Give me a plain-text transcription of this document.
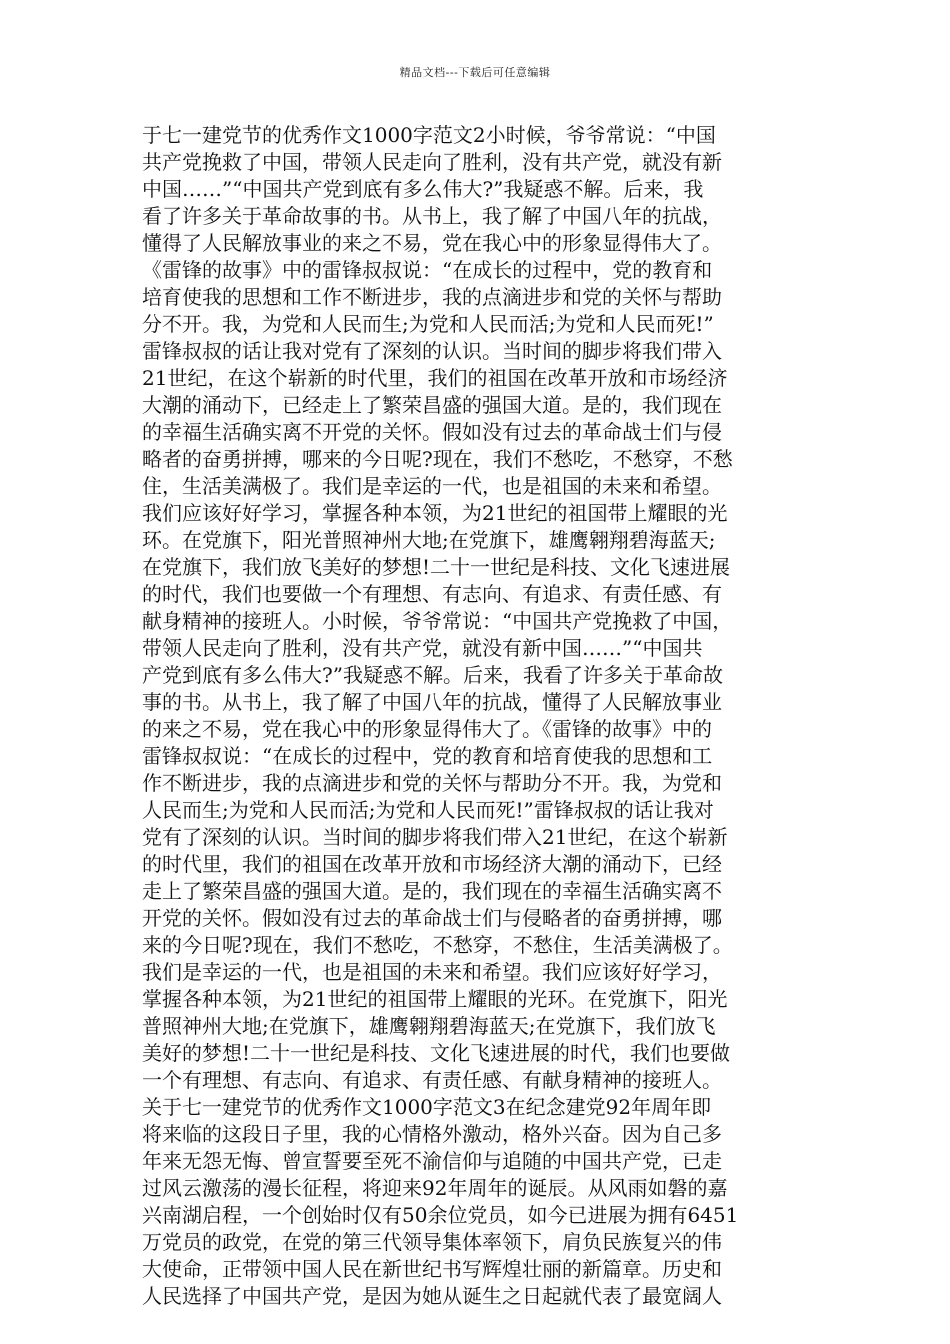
精品文档---下载后可任意编辑
于七一建党节的优秀作文1000字范文2小时候，爷爷常说：“中国
共产党挽救了中国，带领人民走向了胜利，没有共产党，就没有新
中国……”“中国共产党到底有多么伟大?”我疑惑不解。后来，我
看了许多关于革命故事的书。从书上，我了解了中国八年的抗战，
懂得了人民解放事业的来之不易，党在我心中的形象显得伟大了。
《雷锋的故事》中的雷锋叔叔说：“在成长的过程中，党的教育和
培育使我的思想和工作不断进步，我的点滴进步和党的关怀与帮助
分不开。我，为党和人民而生;为党和人民而活;为党和人民而死!”
雷锋叔叔的话让我对党有了深刻的认识。当时间的脚步将我们带入
21世纪，在这个崭新的时代里，我们的祖国在改革开放和市场经济
大潮的涌动下，已经走上了繁荣昌盛的强国大道。是的，我们现在
的幸福生活确实离不开党的关怀。假如没有过去的革命战士们与侵
略者的奋勇拼搏，哪来的今日呢?现在，我们不愁吃，不愁穿，不愁
住，生活美满极了。我们是幸运的一代，也是祖国的未来和希望。
我们应该好好学习，掌握各种本领，为21世纪的祖国带上耀眼的光
环。在党旗下，阳光普照神州大地;在党旗下，雄鹰翱翔碧海蓝天;
在党旗下，我们放飞美好的梦想!二十一世纪是科技、文化飞速进展
的时代，我们也要做一个有理想、有志向、有追求、有责任感、有
献身精神的接班人。小时候，爷爷常说：“中国共产党挽救了中国，
带领人民走向了胜利，没有共产党，就没有新中国……”“中国共
产党到底有多么伟大?”我疑惑不解。后来，我看了许多关于革命故
事的书。从书上，我了解了中国八年的抗战，懂得了人民解放事业
的来之不易，党在我心中的形象显得伟大了。《雷锋的故事》中的
雷锋叔叔说：“在成长的过程中，党的教育和培育使我的思想和工
作不断进步，我的点滴进步和党的关怀与帮助分不开。我，为党和
人民而生;为党和人民而活;为党和人民而死!”雷锋叔叔的话让我对
党有了深刻的认识。当时间的脚步将我们带入21世纪，在这个崭新
的时代里，我们的祖国在改革开放和市场经济大潮的涌动下，已经
走上了繁荣昌盛的强国大道。是的，我们现在的幸福生活确实离不
开党的关怀。假如没有过去的革命战士们与侵略者的奋勇拼搏，哪
来的今日呢?现在，我们不愁吃，不愁穿，不愁住，生活美满极了。
我们是幸运的一代，也是祖国的未来和希望。我们应该好好学习，
掌握各种本领，为21世纪的祖国带上耀眼的光环。在党旗下，阳光
普照神州大地;在党旗下，雄鹰翱翔碧海蓝天;在党旗下，我们放飞
美好的梦想!二十一世纪是科技、文化飞速进展的时代，我们也要做
一个有理想、有志向、有追求、有责任感、有献身精神的接班人。
关于七一建党节的优秀作文1000字范文3在纪念建党92年周年即
将来临的这段日子里，我的心情格外激动，格外兴奋。因为自己多
年来无怨无悔、曾宣誓要至死不渝信仰与追随的中国共产党，已走
过风云激荡的漫长征程，将迎来92年周年的诞辰。从风雨如磐的嘉
兴南湖启程，一个创始时仅有50余位党员，如今已进展为拥有6451
万党员的政党，在党的第三代领导集体率领下，肩负民族复兴的伟
大使命，正带领中国人民在新世纪书写辉煌壮丽的新篇章。历史和
人民选择了中国共产党，是因为她从诞生之日起就代表了最宽阔人
